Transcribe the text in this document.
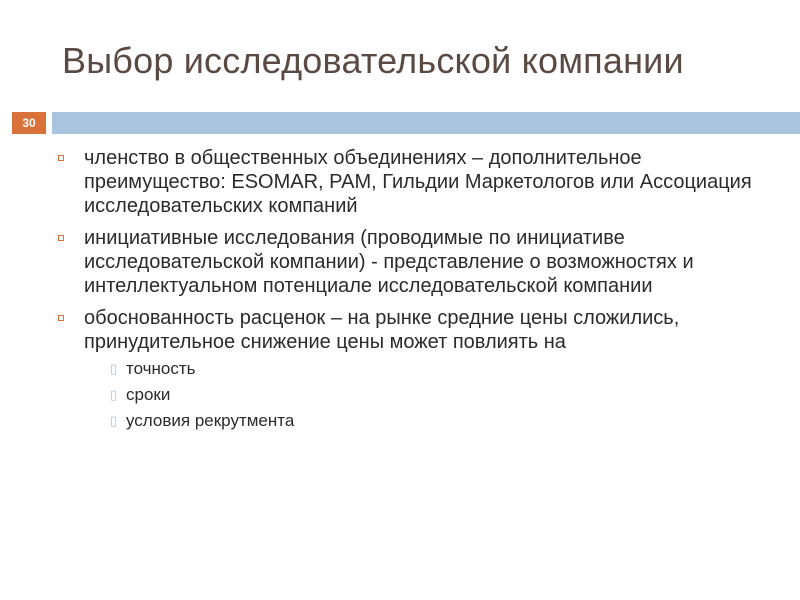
Выбор исследовательской компании
30
членство в общественных объединениях – дополнительное преимущество: ESOMAR, РАМ, Гильдии Маркетологов или Ассоциация исследовательских компаний
инициативные исследования (проводимые по инициативе исследовательской компании) - представление о возможностях и интеллектуальном потенциале исследовательской компании
обоснованность расценок – на рынке средние цены сложились, принудительное снижение цены может повлиять на
▯ точность
▯ сроки
▯ условия рекрутмента
